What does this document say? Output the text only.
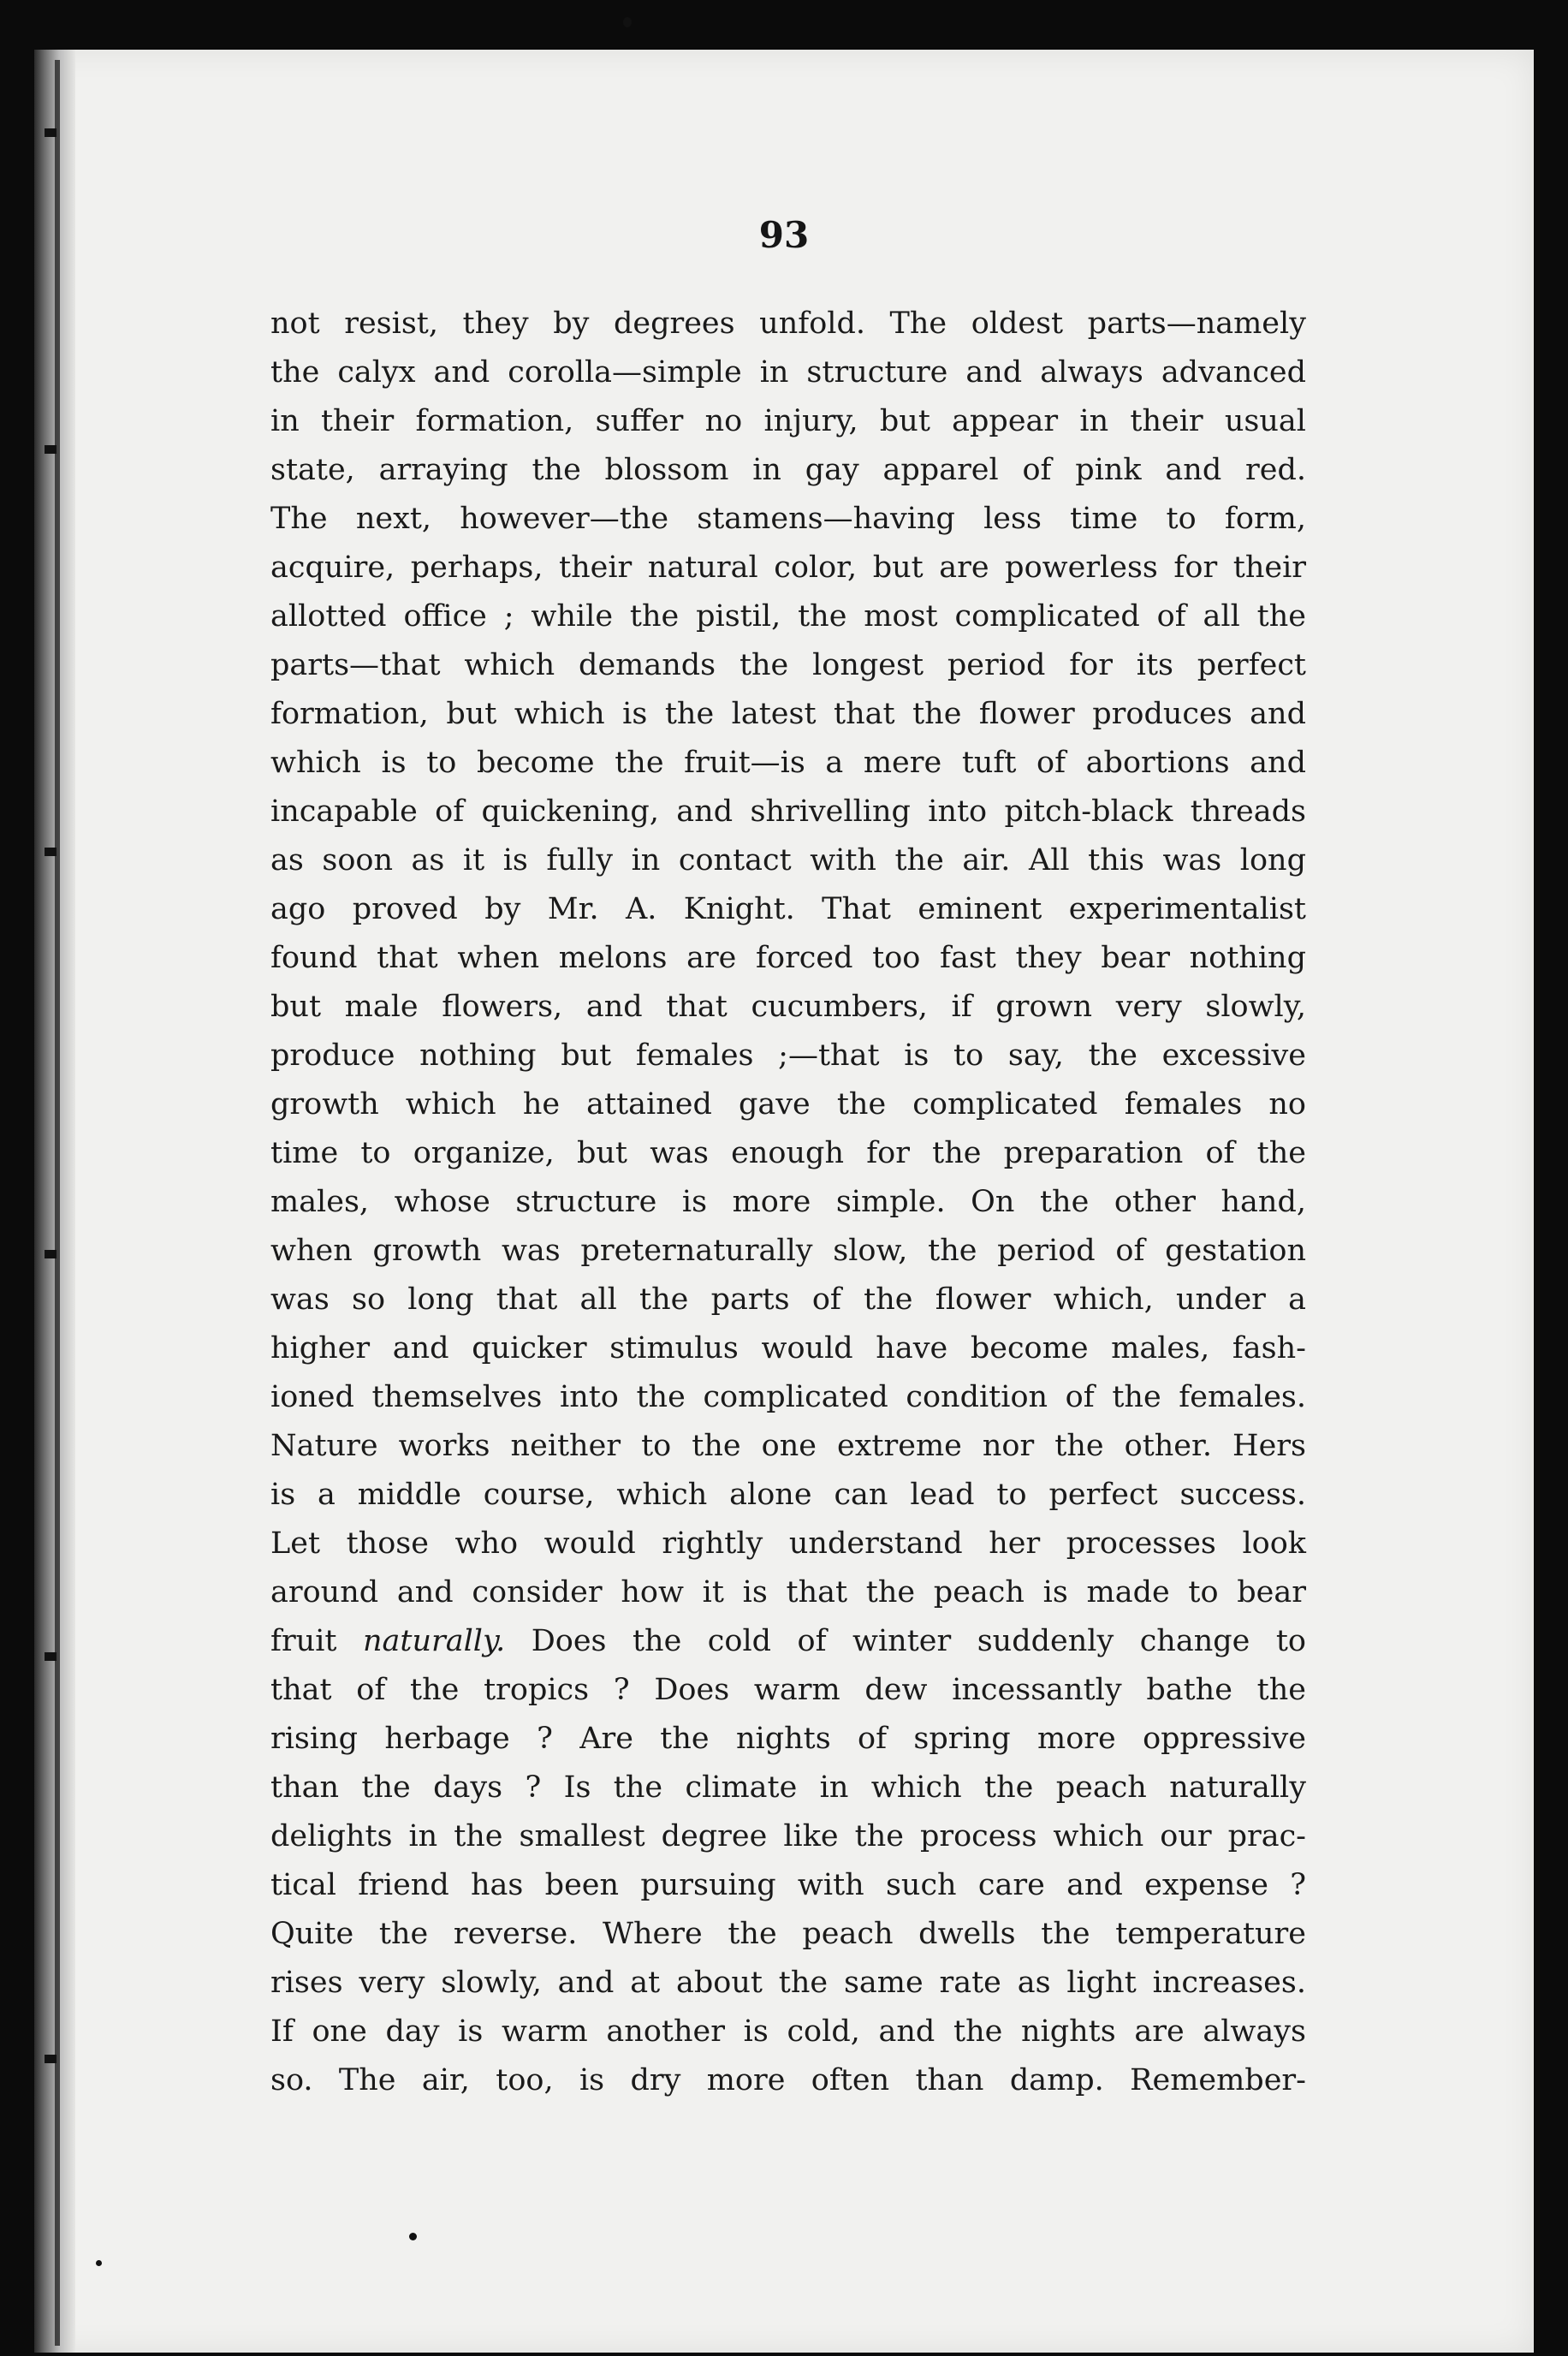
93
not resist, they by degrees unfold. The oldest parts—namely
the calyx and corolla—simple in structure and always advanced
in their formation, suffer no injury, but appear in their usual
state, arraying the blossom in gay apparel of pink and red.
The next, however—the stamens—having less time to form,
acquire, perhaps, their natural color, but are powerless for their
allotted office ; while the pistil, the most complicated of all the
parts—that which demands the longest period for its perfect
formation, but which is the latest that the flower produces and
which is to become the fruit—is a mere tuft of abortions and
incapable of quickening, and shrivelling into pitch-black threads
as soon as it is fully in contact with the air. All this was long
ago proved by Mr. A. Knight. That eminent experimentalist
found that when melons are forced too fast they bear nothing
but male flowers, and that cucumbers, if grown very slowly,
produce nothing but females ;—that is to say, the excessive
growth which he attained gave the complicated females no
time to organize, but was enough for the preparation of the
males, whose structure is more simple. On the other hand,
when growth was preternaturally slow, the period of gestation
was so long that all the parts of the flower which, under a
higher and quicker stimulus would have become males, fash-
ioned themselves into the complicated condition of the females.
Nature works neither to the one extreme nor the other. Hers
is a middle course, which alone can lead to perfect success.
Let those who would rightly understand her processes look
around and consider how it is that the peach is made to bear
fruit naturally. Does the cold of winter suddenly change to
that of the tropics ? Does warm dew incessantly bathe the
rising herbage ? Are the nights of spring more oppressive
than the days ? Is the climate in which the peach naturally
delights in the smallest degree like the process which our prac-
tical friend has been pursuing with such care and expense ?
Quite the reverse. Where the peach dwells the temperature
rises very slowly, and at about the same rate as light increases.
If one day is warm another is cold, and the nights are always
so. The air, too, is dry more often than damp. Remember-
